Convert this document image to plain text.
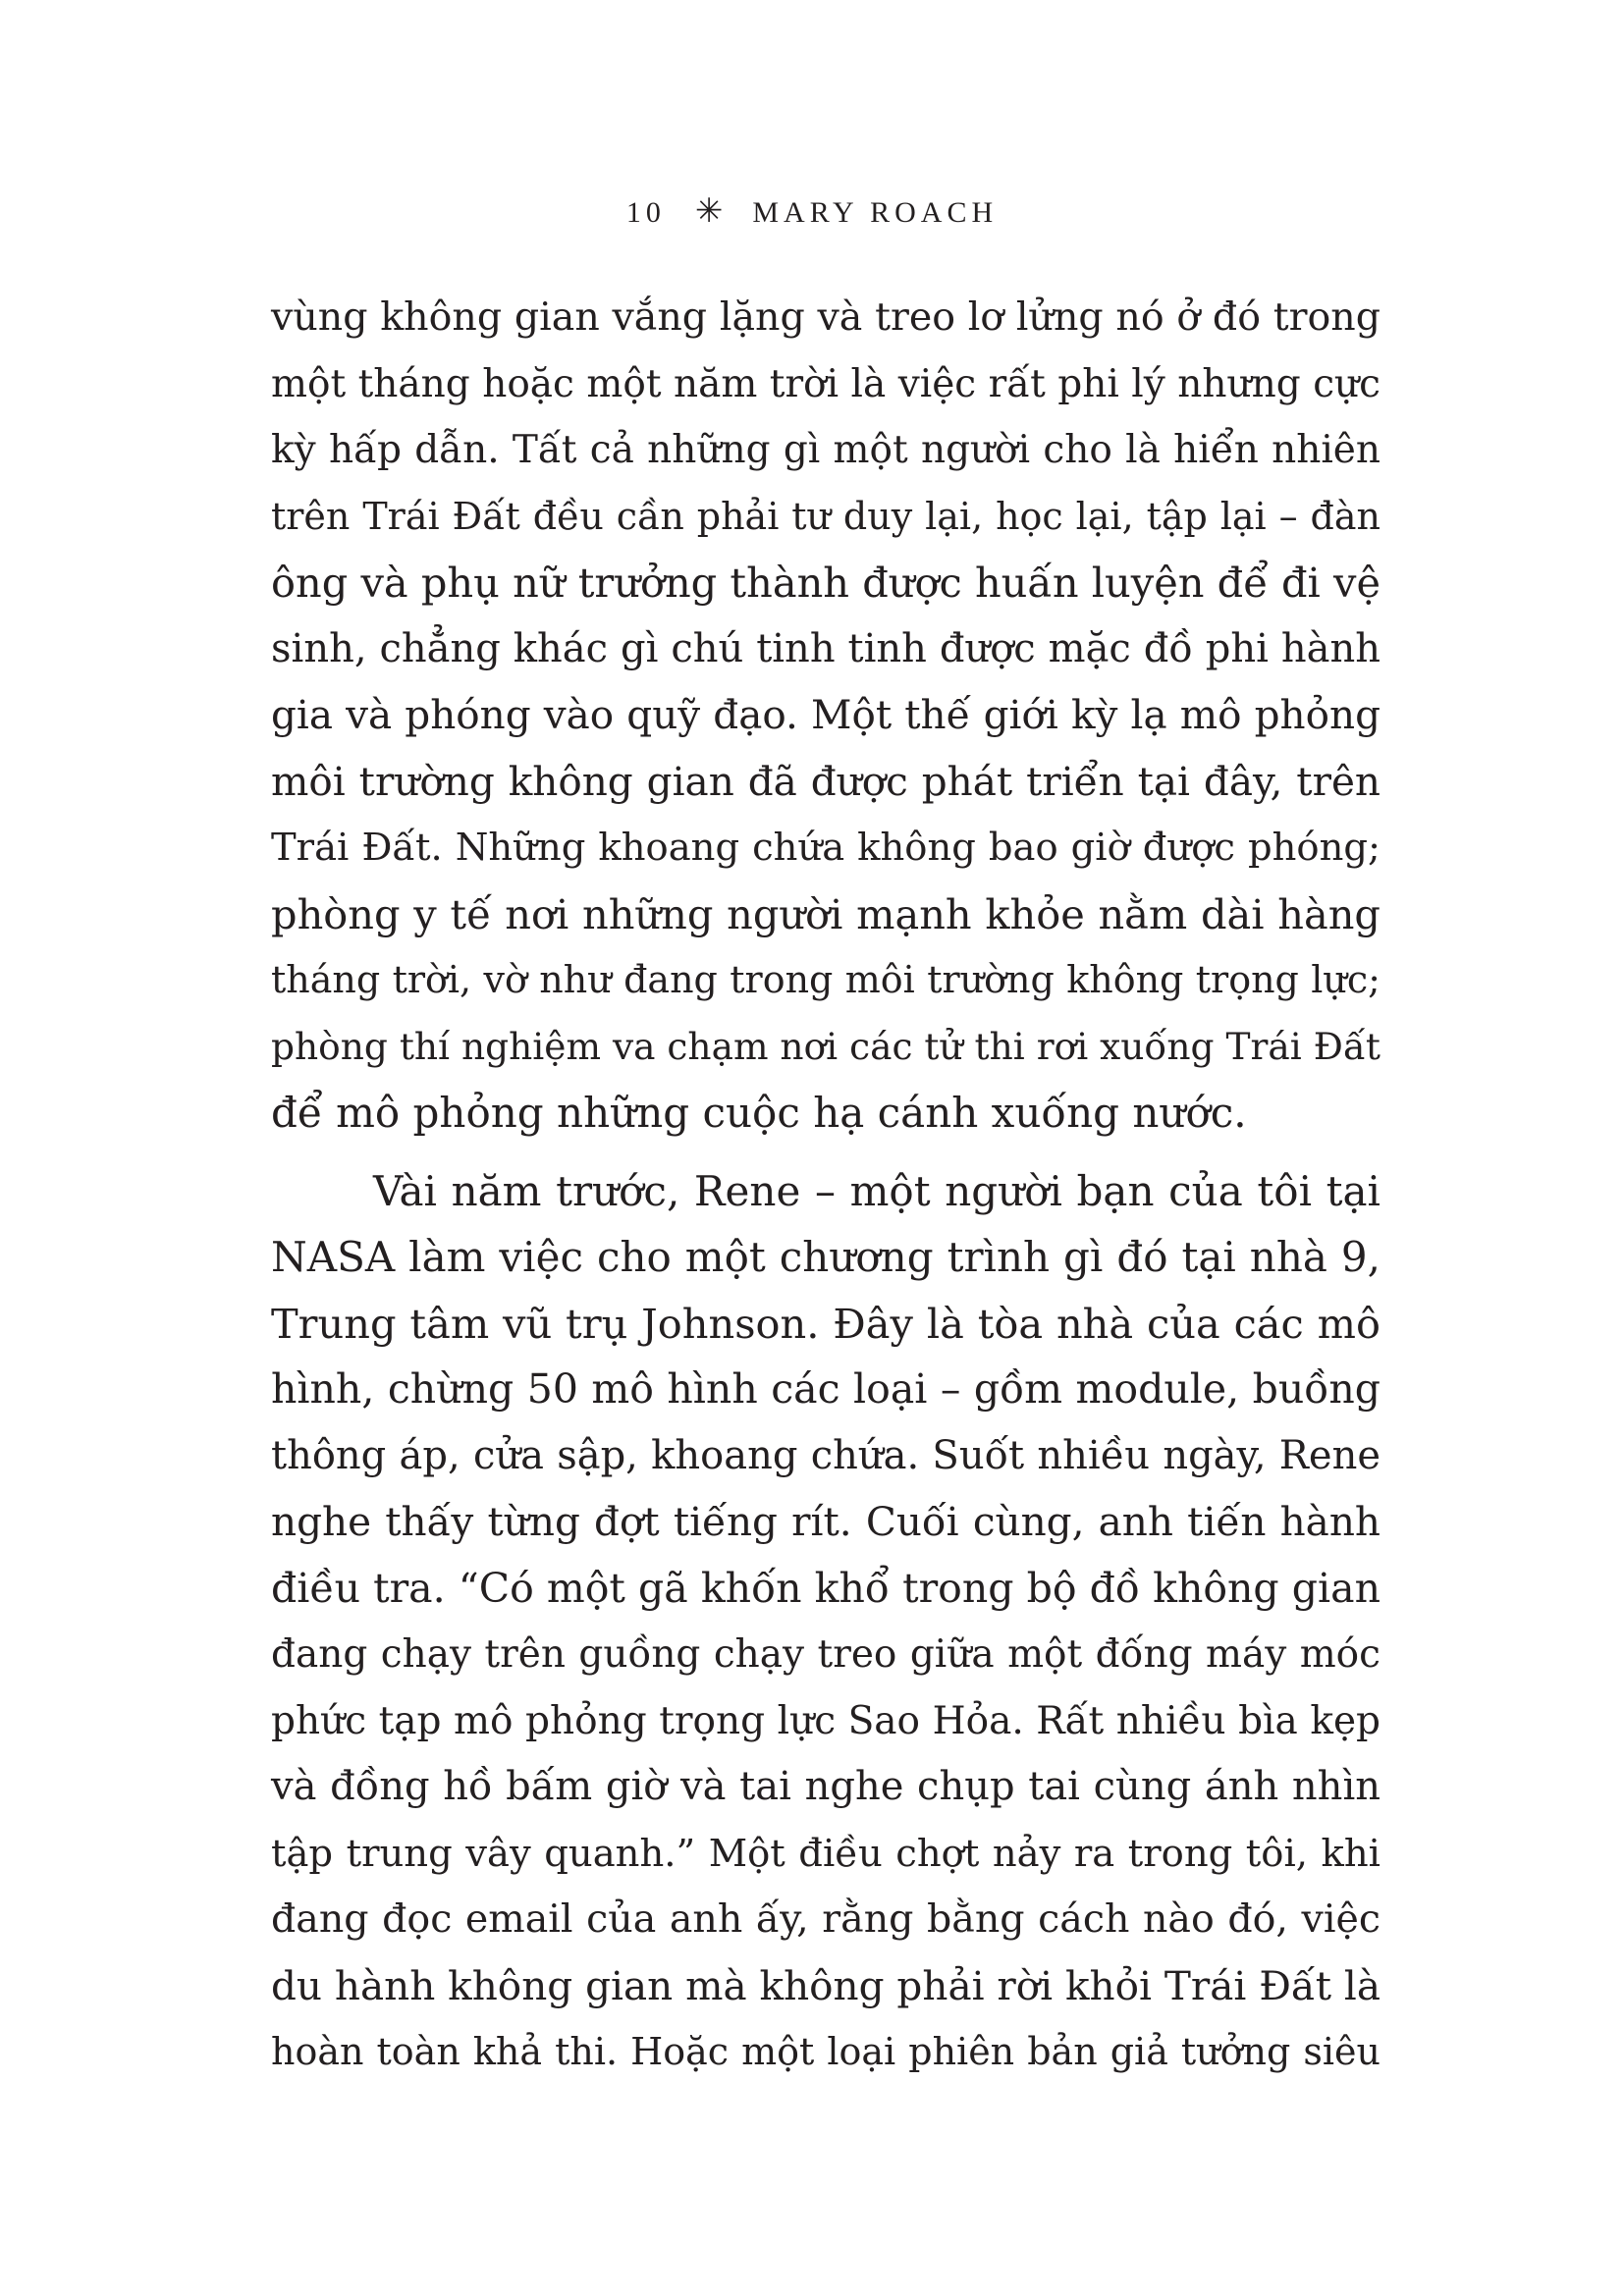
10 ✳ MARY ROACH
vùng không gian vắng lặng và treo lơ lửng nó ở đó trong
một tháng hoặc một năm trời là việc rất phi lý nhưng cực
kỳ hấp dẫn. Tất cả những gì một người cho là hiển nhiên
trên Trái Đất đều cần phải tư duy lại, học lại, tập lại – đàn
ông và phụ nữ trưởng thành được huấn luyện để đi vệ
sinh, chẳng khác gì chú tinh tinh được mặc đồ phi hành
gia và phóng vào quỹ đạo. Một thế giới kỳ lạ mô phỏng
môi trường không gian đã được phát triển tại đây, trên
Trái Đất. Những khoang chứa không bao giờ được phóng;
phòng y tế nơi những người mạnh khỏe nằm dài hàng
tháng trời, vờ như đang trong môi trường không trọng lực;
phòng thí nghiệm va chạm nơi các tử thi rơi xuống Trái Đất
để mô phỏng những cuộc hạ cánh xuống nước.
Vài năm trước, Rene – một người bạn của tôi tại
NASA làm việc cho một chương trình gì đó tại nhà 9,
Trung tâm vũ trụ Johnson. Đây là tòa nhà của các mô
hình, chừng 50 mô hình các loại – gồm module, buồng
thông áp, cửa sập, khoang chứa. Suốt nhiều ngày, Rene
nghe thấy từng đợt tiếng rít. Cuối cùng, anh tiến hành
điều tra. “Có một gã khốn khổ trong bộ đồ không gian
đang chạy trên guồng chạy treo giữa một đống máy móc
phức tạp mô phỏng trọng lực Sao Hỏa. Rất nhiều bìa kẹp
và đồng hồ bấm giờ và tai nghe chụp tai cùng ánh nhìn
tập trung vây quanh.” Một điều chợt nảy ra trong tôi, khi
đang đọc email của anh ấy, rằng bằng cách nào đó, việc
du hành không gian mà không phải rời khỏi Trái Đất là
hoàn toàn khả thi. Hoặc một loại phiên bản giả tưởng siêu
